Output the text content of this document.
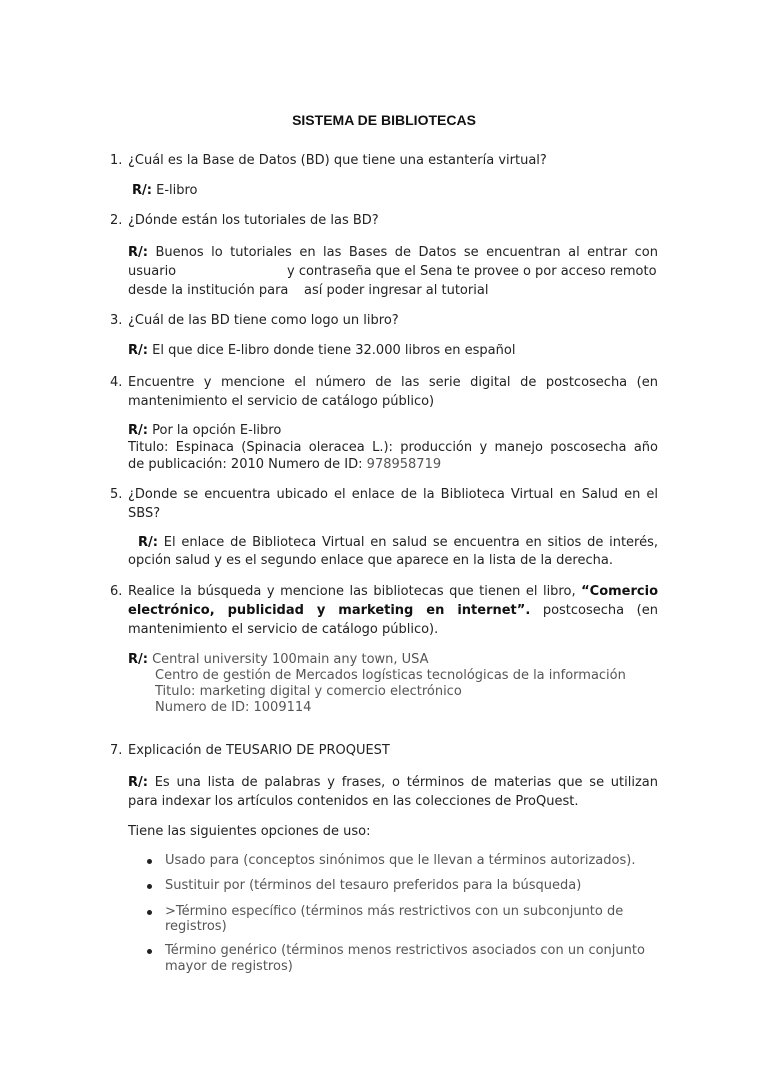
SISTEMA DE BIBLIOTECAS
1. ¿Cuál es la Base de Datos (BD) que tiene una estantería virtual?
R/: E-libro
2. ¿Dónde están los tutoriales de las BD?
R/: Buenos lo tutoriales en las Bases de Datos se encuentran al entrar con
usuario	y contraseña que el Sena te provee o por acceso remoto
desde la institución para así poder ingresar al tutorial
3. ¿Cuál de las BD tiene como logo un libro?
R/: El que dice E-libro donde tiene 32.000 libros en español
4. Encuentre y mencione el número de las serie digital de postcosecha (en
mantenimiento el servicio de catálogo público)
R/: Por la opción E-libro
Titulo: Espinaca (Spinacia oleracea L.): producción y manejo poscosecha año
de publicación: 2010 Numero de ID: 978958719
5. ¿Donde se encuentra ubicado el enlace de la Biblioteca Virtual en Salud en el
SBS?
R/: El enlace de Biblioteca Virtual en salud se encuentra en sitios de interés,
opción salud y es el segundo enlace que aparece en la lista de la derecha.
6. Realice la búsqueda y mencione las bibliotecas que tienen el libro, “Comercio
electrónico, publicidad y marketing en internet”. postcosecha (en
mantenimiento el servicio de catálogo público).
R/: Central university 100main any town, USA
Centro de gestión de Mercados logísticas tecnológicas de la información
Titulo: marketing digital y comercio electrónico
Numero de ID: 1009114
7. Explicación de TEUSARIO DE PROQUEST
R/: Es una lista de palabras y frases, o términos de materias que se utilizan
para indexar los artículos contenidos en las colecciones de ProQuest.
Tiene las siguientes opciones de uso:
Usado para (conceptos sinónimos que le llevan a términos autorizados).
Sustituir por (términos del tesauro preferidos para la búsqueda)
>Término específico (términos más restrictivos con un subconjunto de
registros)
Término genérico (términos menos restrictivos asociados con un conjunto
mayor de registros)
